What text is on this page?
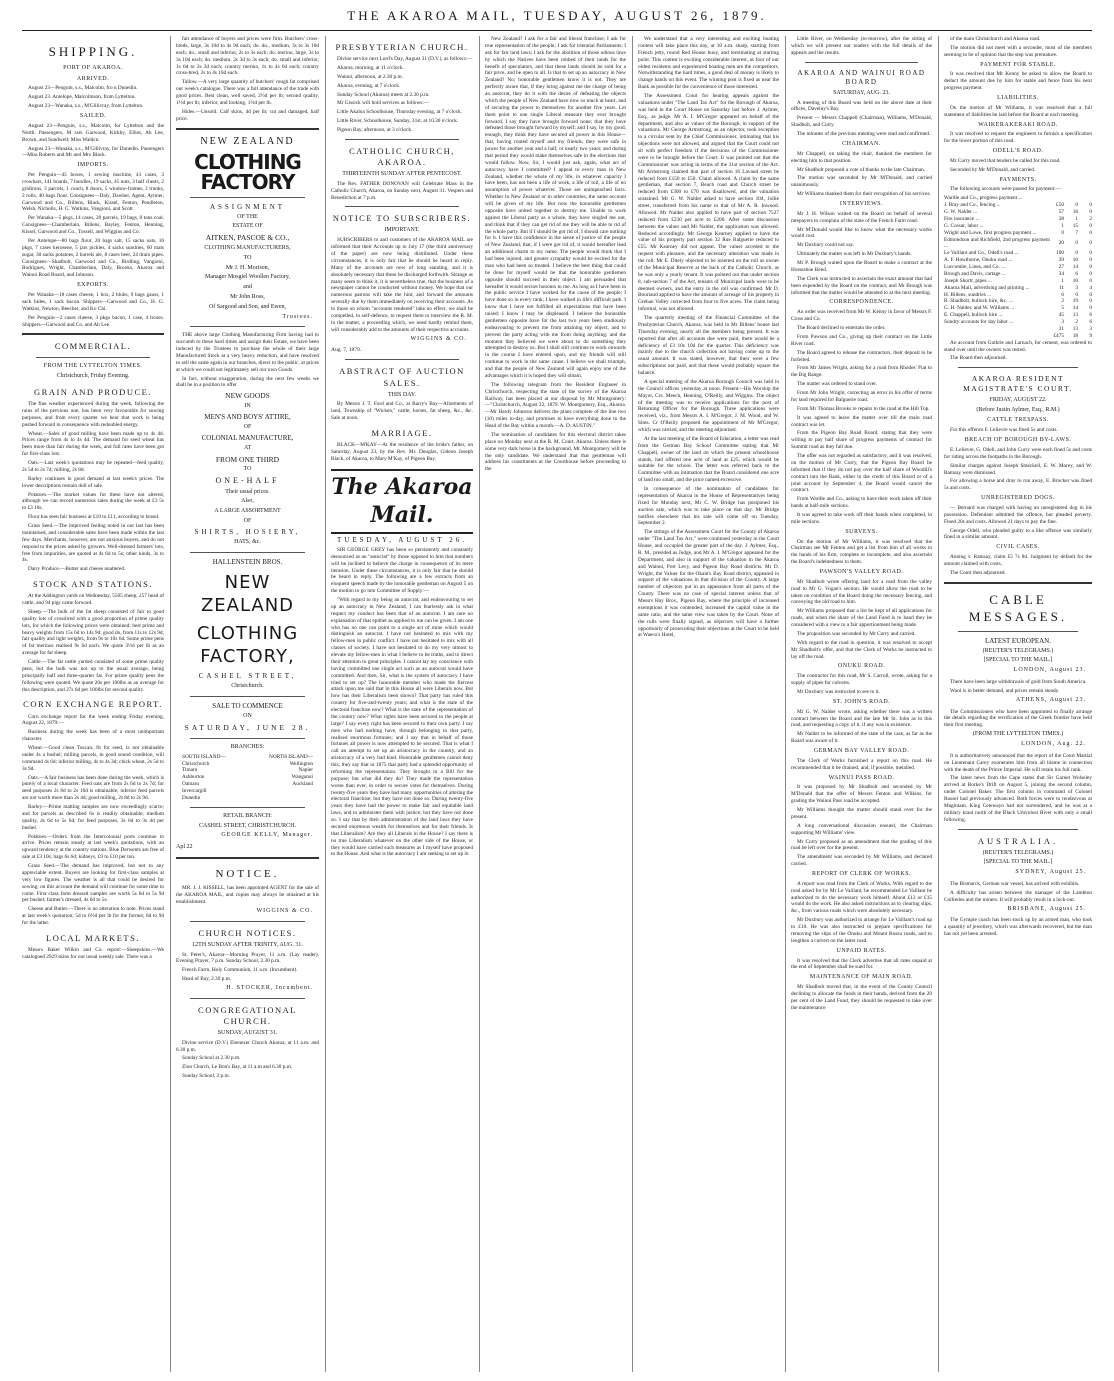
THE AKAROA MAIL, TUESDAY, AUGUST 26, 1879.
SHIPPING.
PORT OF AKAROA.
ARRIVED.

August 23—Penguin, s.s., Malcolm, fro n Dunedin.

August 23. Antelope, Malcolmson, from Lyttelton.

August 23—Wanaka, s.s., M'Gillivray, from Lyttelton.

SAILED.

August 23—Penguin, s.s., Malcolm, for Lyttelton and the North. Passengers, M ssrs Garwood, Kirkby, Elliot, Ah Lee, Brown, and Sundwell; Miss Waldcn.

August 23—Wanaka, s.s., M'Gillivray, for Dunedin. Passengers—Miss Roberts and Mr and Mrs Black.

IMPORTS.

Per Penguin—45 boxes, 1 sewing machine, 41 cases, 3 crowbars, 141 boards, 7 bundles, 19 sacks, 45 nuts, 3 half chests, 2 gridirons, 3 parcels, 1 coach, 8 doors, 5 window-frames, 2 trunks, 2 rolls, 40 bags flour. Consignees—Daly, Dawber, Agent, Aylmer, Garwood and Co., Billens, Black, Kissel, Fenton, Pendleton, Welsh, Nicholls, H. G. Watkins, Vangioni, and Scott.

Per Wanaka—5 pkgs, 14 cases, 20 parcels, 19 bags, 8 tons coal. Consignees—Chamberlain, Billens, Bayley, Fenton, Henning, Kissel, Garwood and Co., Tossell, and Wiggins and Co.

Per Antelope—80 bags flour, 20 bags salt, 15 sacks oats, 16 pkgs, 7 cases kerosene, 5 jars pickles, 4 sacks sundries, 60 mats sugar, 30 sacks potatoes, 2 barrels ale, 8 cases beer, 24 drain pipes. Consignees—Shadbolt, Garwood and Co., Birdling, Vangioni, Rodrigues, Wright, Chamberlain, Daly, Brooks, Akaroa and Wainui Road Board, and Johnson.

EXPORTS.

Per Wanaka—18 cases cheese, 1 box, 2 blubs, 9 bags gauss, 1 sack hides, 1 sack bacon. Shippers—Garwood and Co., H. G. Watkins, Newton, Beecher, and Ko Chi.

Per Penguin—2 cases cheese, 3 pkgs bacon, 1 case, 4 boxes. Shippers—Garwood and Co. and Ah Lee.

COMMERCIAL.
FROM THE LYTTELTON TIMES.
Christchurch, Friday Evening.
GRAIN AND PRODUCE.

The fine weather experienced during the week, following the rains of the previous one, has been very favourable for sowing purposes, and from every quarter we hear that work is being pushed forward in consequence with redoubled energy.

Wheat.—Sales of good milling have been made up to 4s 4d. Prices range from 4s to 4s 4d. The demand for seed wheat has been more than fair during the week, and full rates have been got for first-class lots.

Oats.—Last week's quotations may be repeated—feed quality, 2s 5d to 2s 7d; milling, 2s 8d.

Barley continues in good demand at last week's prices. The lower descriptions remain dull of sale.

Potatoes.—The market values for these have not altered, although we can record numerous sales during the week at £3 5s to £3 10s.

Flour has seen fair business at £10 to £11, according to brand.

Grass Seed.—The improved feeling noted in our last has been maintained, and considerable sales have been made within the last few days. Merchants, however, are not anxious buyers, and do not respond to the prices asked by growers. Well-dressed farmers' lots, free from impurities, are quoted at 4s 6d to 5s; other kinds, 3s to 4s.

Dairy Produce.—Butter and cheese unaltered.

STOCK AND STATIONS.

At the Addington yards on Wednesday, 5505 sheep, 257 head of cattle, and 94 pigs came forward.

Sheep.—The bulk of the fat sheep consisted of fair to good quality lots of crossbred with a good proportion of prime quality lots, for which the following prices were obtained: best prime and heavy weights from 15s 6d to 14s 9d; good do, from 11s to 12s 9d; fair quality and light weights, from 9s to 10s 6d. Some prime pens of fat merinos realised 9s 6d each. We quote 3½d per lb as an average for fat sheep.

Cattle.—The fat cattle yarded consisted of some prime quality pens, but the bulk was not up to the usual average, being principally half and three-quarter fat. For prime quality pens the following were quoted. We quote 20s per 100lbs as an average for this description, and 27s 6d per 100lbs for second quality.

CORN EXCHANGE REPORT.

Corn exchange report for the week ending Friday evening, August 22, 1879:—

Business during the week has been of a most unimportant character.

Wheat.—Good clean Tuscan, fit for seed, is not obtainable under 4s a bushel; milling parcels, in good sound condition, will command 4s 6d; inferior milling, 4s to 4s 3d; chick wheat, 2s 5d to 3s 9d.

Oats.—A fair business has been done during the week, which is purely of a local character. Feed oats are from 2s 6d to 2s 7d; for seed purposes 2s 8d to 2s 10d is obtainable; inferior feed parcels are not worth more than 2s 4d; good milling, 2s 8d to 2s 9d.

Barley.—Prime malting samples are now exceedingly scarce; and for parcels as described 6s is readily obtainable; medium quality, 4s 6d to 5s 6d; for feed purposes, 3s 6d to 3s 4d per bushel.

Potatoes.—Orders from the Intercolonial ports continue to arrive. Prices remain steady at last week's quotations, with an upward tendency at the country stations. Blue Derwents are free of sale at £3 10s; bags 6s 6d; kidneys, £9 to £10 per ton.

Grass Seed.—The demand has improved, but not to any appreciable extent. Buyers are looking for first-class samples at very low figures. The weather is all that could be desired for sowing; on this account the demand will continue for some time to come. First class farm dressed samples are worth 5s 6d to 5s 9d per bushel; farmer's dressed, 4s 6d to 5s.

Cheese and Butter.—There is no alteration to note. Prices stand at last week's quotation; 5d to 6½d per lb for the former, 8d to 9d for the latter.

LOCAL MARKETS.

Messrs Baker Wilkin and Co. report:—Sheepskins.—We catalogued 2929 skins for our usual weekly sale. There was a

fair attendance of buyers and prices were firm. Butchers' cross-breds, large, 3s 10d to 4s 9d each; do. do., medium, 3s to 3s 10d each; do., small and inferior, 2s to 3s each; do. merino, large, 3s to 3s 10d each; do. medium, 2s 3d to 3s each; do. small and inferior, 1s 6d to 2s 3d each; country merino, 1s to 4s 6d each; country cross-bred, 2s to 4s 10d each.

Tallow.—A very large quantity of butchers' rough fat comprised our week's catalogue. There was a full attendance of the trade with good prices. Best clean, well saved, 2½d per lb; second quality, 1½d per lb; inferior, and looking, 1½d per lb.

Hides.—Unsold. Calf skins, 4d per lb; cut and damaged, half price.

NEW ZEALAND
CLOTHING FACTORY
ASSIGNMENT
OF THE
ESTATE OF
AITKEN, PASCOE & CO.,
CLOTHING MANUFACTURERS,
TO
Mr J. H. Morison,
Manager Mosgiel Woollen Factory,
and
Mr John Ross,
Of Sargood and Son, and Ewen,
Trustees.

THE above large Clothing Manufacturing Firm having had to succumb to these hard times and assign their Estate, we have been induced by the Trustees to purchase the whole of their large Manufactured Stock at a very heavy reduction, and have resolved to sell the same again in our branches, direct to the public, at prices at which we could not legitimately sell our own Goods.

In fact, without exaggeration, during the next few weeks we shall be in a position to offer

NEW GOODS
IN
MEN'S AND BOYS' ATTIRE,
OF
COLONIAL MANUFACTURE,
AT
FROM ONE THIRD
TO
ONE-HALF
Their usual prices.
Also,
A LARGE ASSORTMENT
OF
SHIRTS, HOSIERY,
HATS, &c.
HALLENSTEIN BROS.
NEW ZEALAND
CLOTHING FACTORY,
CASHEL STREET,
Christchurch.
SALE TO COMMENCE
ON
SATURDAY, JUNE 28.
BRANCHES:
SOUTH ISLAND—
Christchurch
Timaru
Ashburton
Oamaru
Invercargill
Dunedin
NORTH ISLAND—
Wellington
Napier
Wanganui
Auckland
RETAIL BRANCH:
CASHEL STREET, CHRISTCHURCH.
GEORGE KELLY, Manager.
Apl 22
NOTICE.

MR. J. J. KISSELL, has been appointed AGENT for the sale of the AKAROA MAIL, and copies may always be obtained at his establishment.

WIGGINS & CO.
CHURCH NOTICES.
12TH SUNDAY AFTER TRINITY, AUG. 31.

St. Peter's, Akaroa—Morning Prayer, 11 a.m. (Lay reader). Evening Prayer, 7 p.m. Sunday School, 2.30 p.m.

French Farm, Holy Communion, 11 a.m. (Incumbent).

Head of Bay, 2.30 p.m.

H. STOCKER, Incumbent.
CONGREGATIONAL CHURCH.
SUNDAY, AUGUST 31.

Divine service (D.V.) Ebenezer Church Akaroa, at 11 a.m. and 6.30 p.m.

Sunday School at 2.30 p.m.

Zion Church, Le Bon's Bay, at 11 a.m and 6.30 p.m.

Sunday School, 2 p.m.

PRESBYTERIAN CHURCH.

Divine service next Lord's Day, August 31 (D.V.), as follows:—

Akaroa, morning, at 11 o'clock.

Wainui, afternoon, at 2.30 p.m.

Akaroa, evening, at 7 o'clock.

Sunday School (Akaroa) meets at 2.30 p.m.

Mr Gissick will hold services as follows:—

Little Akaloa Schoolhouse, Thursday evening, at 7 o'clock.

Little River, Schoolhouse, Sunday, 31st, at 10.30 o'clock.

Pigeon Bay, afternoon, at 3 o'clock.

CATHOLIC CHURCH, AKAROA.
THIRTEENTH SUNDAY AFTER PENTECOST.

The Rev. FATHER DONOVAN will Celebrate Mass in the Catholic Church, Akaroa, on Sunday next, August 31. Vespers and Benediction at 7 p.m.

NOTICE TO SUBSCRIBERS.
IMPORTANT.

SUBSCRIBERS to and customers of the AKAROA MAIL are informed that their Accounts up to July 17 (the third anniversary of the paper) are now being distributed. Under these circumstances, it is only fair that he should be heard in reply. Many of the accounts are now of long standing, and it is absolutely necessary that these be discharged forthwith. Strange as many seem to think it, it is nevertheless true, that the business of a newspaper cannot be conducted without money. We hope that our numerous patrons will take the hint, and forward the amounts severally due by them immediately on receiving their accounts. As to those on whom "accounts rendered" take no effect, we shall be compelled, in self-defence, to request them to interview the R. M. in the matter, a proceeding which, we need hardly remind them, will considerably add to the amounts of their respective accounts.

WIGGINS & CO.
Aug. 7, 1879.
ABSTRACT OF AUCTION SALES.
THIS DAY.

By Messrs J. T. Ford and Co., at Barry's Bay—Allotments of land, Township of "Wicken," cattle, horses, fat sheep, &c., &c. Sale at noon.

MARRIAGE.

BLACK—M'KAY—At the residence of the bride's father, on Saturday, August 23, by the Rev. Mr. Douglas, Gideon Joseph Black, of Akaroa, to Mary M'Kay, of Pigeon Bay.

The Akaroa Mail.
TUESDAY, AUGUST 26.

SIR GEORGE GREY has been so persistently and constantly denounced as an "autocrat" by those opposed to him that numbers will be inclined to believe the charge in consequence of its mere iteration. Under these circumstances, it is only fair that he should be heard in reply. The following are a few extracts from an eloquent speech made by the honorable gentleman on August 5 on the motion to go into Committee of Supply:—

"With regard to my being an autocrat, and endeavouring to set up an autocracy in New Zealand, I can fearlessly ask in what respect my conduct has been that of an autocrat. I am sure no explanation of that epithet as applied to me can be given. I am one who has no one can point to a single act of mine which would distinguish an autocrat. I have not hesitated to mix with my fellow-men in public conflict. I have not hesitated to mix with all classes of society. I have not hesitated to do my very utmost to elevate my fellow-men in what I believe to be truths, and to direct their attention to great principles. I cannot lay my conscience with having committed one single act such as an autocrat would have committed. And then, Sir, what is the system of autocracy I have tried to set up? The honorable member who made the fiercest attack upon me said that in this House all were Liberals now. But how has their Liberalism been shown? That party has ruled this country for five-and-twenty years; and what is the state of the electoral franchise now? What is the state of the representation of the country now? What rights have been secured to the people at large? I say every right has been secured to their own party. I say men who had nothing have, through belonging to that party, realised enormous fortunes; and I say that in behalf of those fortunes all power is now attempted to be secured. That is what I call an attempt to set up an aristocracy in the country, and an aristocracy of a very bad kind. Honorable gentlemen cannot deny this; they say that in 1875 that party had a splendid opportunity of reforming the representation. They brought in a Bill for the purpose; but what did they do? They made the representation worse than ever, in order to secure votes for themselves. During twenty-five years they have had many opportunities of altering the electoral franchise; but they have not done so. During twenty-five years they have had the power to make fair and equitable land laws, and to administer them with justice; but they have not done so. I say that by their administration of the land laws they have secured enormous wealth for themselves and for their friends. Is that Liberalism? Are they all Liberals in the House? I say there is no true Liberalism whatever on the other side of the House, or they would have carried such measures as I myself have proposed to the House. And what is the autocracy I am seeking to set up in

New Zealand? I ask for a fair and liberal franchise; I ask for true representation of the people; I ask for triennial Parliaments; I ask for fair land laws; I ask for the abolition of those odious laws by which the Natives have been robbed of their lands for the benefit of speculators, and that these lands should be sold for a fair price, and be open to all. Is that to set up an autocracy in New Zealand? No; honorable gentlemen know it is not. They are perfectly aware that, if they bring against me the charge of being an autocrat, they do it with the desire of defeating the objects which the people of New Zealand have now so much at heart, and of securing the power to themselves for another five years. Let them point to one single Liberal measure they ever brought forward. I say they have brought forward none; that they have defeated those brought forward by myself; and I say, by my good, enough, they think they have secured all power in this House—that, having routed myself and my friends, they were safe in power for another year and a half, or nearly two years; and during that period they would make themselves safe in the elections that would follow. Now, Sir, I would just ask, again, what act of autocracy have I committed? I appeal to every man in New Zealand, whether the whole of my life, in whatever capacity I have been, has not been a life of work, a life of toil, a life of no assumption of power whatever. Those are unimpeached facts. Whether in New Zealand or in other countries, the same account will be given of my life. But now the honorable gentlemen opposite have united together to destroy me. Unable to work against the Liberal party as a whole, they have singled me out, and think that if they can get rid of me they will be able to rid of the whole party. But if I should be got rid of, I should care nothing for it. I have this confidence in the sense of justice of the people of New Zealand, that, if I were got rid of, it would hereafter lead an additional charm to my name. The people would think that I had been injured, and greater sympathy would be excited for the man who had been so treated. I believe the best thing that could be done for myself would be that the honorable gentlemen opposite should succeed in their object. I am persuaded that hereafter it would secure honours to me. As long as I have been in the public service I have worked for the cause of the people; I have done so in every rank; I have walked in life's difficult path. I know that I have not fulfilled all expectations that have been raised; I know I may be displeased. I believe the honorable gentlemen opposite have for the last two years been studiously endeavouring to prevent me from attaining my object, and to prevent the party acting with me from doing anything; and the moment they believed we were about to do something they attempted to destroy us. But I shall still continue to work onwards in the course I have entered upon, and my friends will still continue to work in the same cause. I believe we shall triumph, and that the people of New Zealand will again enjoy one of the advantages which it is hoped they will obtain.

The following telegram from the Resident Engineer in Christchurch, respecting the state of the survey of the Akaroa Railway, has been placed at our disposal by Mr Montgomery:—"Christchurch, August 22, 1879. W. Montgomery, Esq., Akaroa.—Mr Hardy Johnston delivers the plans complete of the line two (10) miles to-day, and promises to have everything done to the Head of the Bay within a month.—A. D. AUSTIN."

The nomination of candidates for this electoral district takes place on Monday next at the R. M. Court, Akaroa. Unless there is some very dark horse in the background, Mr. Montgomery will be the only candidate. We understand that that gentleman will address his constituents at the Courthouse before proceeding to the

We understand that a very interesting and exciting boating contest will take place this day, at 10 a.m. sharp, starting from French jetty, round Red House buoy, and terminating at starting point. This contest is exciting considerable interest, as four of our oldest residents and experienced boating men are the competitors. Notwithstanding the hard times, a good deal of money is likely to change hands on this event. The winning post is fixed as near the Bank as possible for the convenience of those interested.

The Assessment Court for hearing appeals against the valuations under "The Land Tax Act" for the Borough of Akaroa, was held in the Court House on Saturday last before J. Aylmer, Esq., as judge. Mr A. I. M'Gregor appeared on behalf of the department, and also as valuer of the Borough, in support of the valuations. Mr George Armstrong, as an objector, took exception to a circular sent by the Chief Commissioner, intimating that his objections were not allowed, and argued that the Court could not sit with perfect freedom if the decisions of the Commissioner were to be brought before the Court. It was pointed out that the Commissioner was acting in terms of the 31st section of the Act. Mr Armstrong claimed that part of section 16 Lavaud street be reduced from £150 to £50. Claim allowed. A claim by the same gentleman, that section 7, Beach road and Church street be reduced from £300 to £70 was disallowed, and the valuation sustained. Mr G. W. Nalder asked to have section 104, Jollie street, transferred from his name to that of Mr A. R. Inwood. Allowed. Mr Nalder also applied to have part of section 7527 reduced from £230 per acre to £200. After some discussion between the valuer and Mr Nalder, the application was allowed. Reduced accordingly. Mr George Kearney applied to have the value of his property part section 32 Rue Balguerie reduced to £55. Mr Kearney did not appear. The valuer acceded to the request with pleasure, and the necessary alteration was made in the roll. Mr E. Ditely objected to be inserted on the roll as owner of the Municipal Reserve at the back of the Catholic Church, as he was only a yearly tenant. It was pointed out that under section 8, sub-section 7 of the Act, tenants of Municipal lands were to be deemed owners, and the entry in the roll was confirmed. Mr D. Bouriaud applied to have the amount of acreage of his property in Grehan Valley corrected from four to five acres. The claim being informal, was not allowed.

The quarterly meeting of the Financial Committee of the Presbyterian Church, Akaroa, was held in Mr Billens' house last Thursday evening, nearly all the members being present. It was reported that after all accounts due were paid, there would be a deficiency of £3 10s 10d for the quarter. This deficiency was mainly due to the church collection not having come up to the usual amount. It was stated, however, that their were a few subscriptions not paid, and that these would probably square the balance.

A special meeting of the Akaroa Borough Council was held in the Council offices yesterday at noon. Present—His Worship the Mayor, Crs. Meech, Henning, O'Reilly, and Wiggins. The object of the meeting was to receive applications for the post of Returning Officer for the Borough. Three applications were received, viz., from Messrs A. I. M'Gregor, J. M. Wood, and W. Sims. Cr O'Reilly proposed the appointment of Mr M'Gregor, which was carried, and the meeting adjourned.

At the last meeting of the Board of Education, a letter was read from the German Bay School Committee stating that Mr Chappell, owner of the land on which the present schoolhouse stands, had offered one acre of land at £25, which would be suitable for the school. The letter was referred back to the Committee with an intimation that the Board considered one acre of land too small, and the price named excessive.

In consequence of the nomination of candidates for representation of Akaroa in the House of Representatives being fixed for Monday next, Mr C. W. Bridge has postponed his auction sale, which was to take place on that day. Mr Bridge notifies elsewhere that his sale will come off on Tuesday, September 2.

The sittings of the Assessment Court for the County of Akaroa under "The Land Tax Act," were continued yesterday in the Court House, and occupied the greater part of the day. J. Aylmer, Esq., R. M., presided as Judge, and Mr A. I. M'Gregor appeared for the Department, and also in support of the valuation in the Akaroa and Wainui, Port Levy, and Pigeon Bay Road districts. Mr D. Wright, the Valuer for the Okain's Bay Road district, appeared in support of the valuations in that division of the County. A large number of objectors put in an appearance from all parts of the County. There was no case of special interest unless that of Messrs Hay Bros., Pigeon Bay, where the principle of increased exemptions it was contended, increased the capital value in the same ratio, and the same view was taken by the Court. None of the rolls were finally signed, as objectors will have a further opportunity of prosecuting their objections at the Court to be held at Waeco's Hotel,

Little River, on Wednesday (to-morrow), after the sitting of which we will present our readers with the full details of the appeals and the results.

AKAROA AND WAINUI ROAD BOARD
SATURDAY, AUG. 23.

A meeting of this Board was held on the above date at their offices, Daveluy's Bay.

Present — Messrs Chappell (Chairman), Williams, M'Donald, Shadbolt, and Curry.

The minutes of the previous meeting were read and confirmed.

CHAIRMAN.

Mr Chappell, on taking the chair, thanked the members for electing him to that position.

Mr Shadbolt proposed a vote of thanks to the late Chairman.

The motion was seconded by Mr M'Donald, and carried unanimously.

Mr Williams thanked them for their recognition of his services.

INTERVIEWS.

Mr J. H. Wilson waited on the Board on behalf of several ratepayers to complain of the state of the French Farm road.

Mr M'Donald would like to know what the necessary works would cost.

Mr Duxbury could not say.

Ultimately the matter was left in Mr Duxbury's hands.

Mr P. Brough waited upon the Board to make a contract at the Horseshoe Bend.

The Clerk was instructed to ascertain the exact amount that had been expended by the Board on the contract, and Mr Brough was informed that the matter would be attended to at the next meeting.

CORRESPONDENCE.

An order was received from Mr W. Kenny in favor of Messrs F. Cross and Co.

The Board declined to entertain the order.

From Pawson and Co., giving up their contract on the Little River road.

The Board agreed to release the contractors, their deposit to be forfeited.

From Mr James Wright, asking for a road from Rhodes' Flat to the Big Range.

The matter was ordered to stand over.

From Mr John Wright, correcting an error in his offer of terms for land required for Balguerie road.

From Mr Thomas Brooks re repairs to the road at the Hill Top.

It was agreed to leave the matter over till the main road contract was let.

From the Pigeon Bay Road Board, stating that they were willing to pay half share of progress payments of contract for Summit road as they fall due.

The offer was not regarded as satisfactory, and it was resolved, on the motion of Mr Curry, that the Pigeon Bay Board be informed that if they do not pay over the half share of Woodill's contract into the Bank, either to the credit of this Board or of a joint account by September 4, the Board would cancel the contract.

From Wardle and Co., asking to have their work taken off their hands at half-mile sections.

It was agreed to take work off their hands when completed, in mile sections.

SURVEYS.

On the motion of Mr Williams, it was resolved that the Chairman see Mr Fenton and get a list from him of all works in the hands of his firm, complete or incomplete, and also ascertain the Board's indebtedness to them.

PAWSON'S VALLEY ROAD.

Mr Shadbolt wrote offering land for a road from the valley road to Mr G. Vogan's section. He would allow the road to be taken on condition of the Board doing the necessary fencing, and conveying the old road to him.

Mr Williams proposed that a list be kept of all applications for roads, and when the share of the Land Fund is to hand they be considered with a view to a fair apportionment being made.

The proposition was seconded by Mr Curry and carried.

With regard to the road in question, it was resolved to accept Mr Shadbolt's offer, and that the Clerk of Works be instructed to lay off the road.

ONUKU ROAD.

The contractor for this road, Mr S. Carroll, wrote, asking for a supply of pipes for culverts.

Mr Duxbury was instructed to see to it.

ST. JOHN'S ROAD.

Mr G. W. Nalder wrote, asking whether there was a written contract between the Board and the late Mr St. John as to this road, and requesting a copy of it, if any was in existence.

Mr Nalder to be informed of the state of the case, as far as the Board was aware of it.

GERMAN BAY VALLEY ROAD.

The Clerk of Works furnished a report on this road. He recommended that it be drained, and, if possible, metalled.

WAINUI PASS ROAD.

It was proposed by Mr Shadbolt and seconded by Mr M'Donald that the offer of Messrs Fenton and Wilkins, for grading the Wainui Pass road be accepted.

Mr Williams thought the matter should stand over for the present.

A long conversational discussion ensued, the Chairman supporting Mr Williams' view.

Mr Curry proposed as an amendment that the grading of this road be left over for the present.

The amendment was seconded by Mr Williams, and declared carried.

REPORT OF CLERK OF WORKS.

A report was read from the Clerk of Works. With regard to the road asked for by Mr Le Vaillant, he recommended Le Vaillant be authorized to do the necessary work himself. About £12 or £15 would do the work. He also asked instructions as to clearing slips, &c., from various roads which were absolutely necessary.

Mr Duxbury was authorized to arrange for Le Vaillant's road up to £10. He was also instructed to prepare specifications for removing the slips of the Onuku and Mount Bossu roads, and to lengthen a culvert on the latter road.

UNPAID RATES.

It was resolved that the Clerk advertise that all rates unpaid at the end of September shall be sued for.

MAINTENANCE OF MAIN ROAD.

Mr Shadbolt moved that, in the event of the County Council declining to allocate the funds in their hands, derived from the 20 per cent of the Land Fund, they should be requested to take over the maintenance

of the main Christchurch and Akaroa road.

The motion did not meet with a seconder, most of the members seeming to be of opinion that the step was premature.

PAYMENT FOR STABLE.

It was resolved that Mr Kenny be asked to allow the Board to deduct the amount due by him for stable and fence from his next progress payment.

LIABILITIES.

On the motion of Mr Williams, it was resolved that a full statement of liabilities be laid before the Board at each meeting.

WAIKERAKERAKI ROAD.

It was resolved to request the engineers to furnish a specification for the lower portion of this road.

ODELL'S ROAD.

Mr Curry moved that tenders be called for this road.

Seconded by Mr M'Donald, and carried.

PAYMENTS.

The following accounts were passed for payment:—

Wardle and Co., progress payment ...			
J. Bray and Co., fencing ...	£50	0	0
G. W. Nalder ...	57	18	0
Fire insurance ...	38	1	2
G. Cossar, labor ...	1	15	0
Wright and Lowe, first progress payment ...	0	7	0
Edmondson and Richfield, 2nd progress payment ...	20	0	0
Le Vaillant and Co., Odell's road ...	100	0	0
A. F. Hawthorne, Onuku road ...	39	10	0
Luccombe, Lines, and Co. ...	27	14	0
Brough and Davis, cartage ...	34	6	0
Joseph Shortt, pipes ...	1	10	0
Akaroa Mail, advertising and printing ...	11	3	4
H. Billens, sundries ...	6	0	0
B. Shadbolt, bullock hire, &c. ...	2	19	0
G. H. Nalder, and W. Williams ...	5	14	0
E. Chappell, bullock hire ...	45	13	6
Sundry accounts for day labor ...	3	2	6
	31	13	3
	£475	18	9

An account from Guthrie and Larnach, for cement, was ordered to stand over until the owners was tested.

The Board then adjourned.

AKAROA RESIDENT MAGISTRATE'S COURT.
FRIDAY, AUGUST 22.
(Before Justin Aylmer, Esq., R.M.)
CATTLE TRESPASS.

For this offence F. Lelievre was fined 5s and costs.

BREACH OF BOROUGH BY-LAWS.

E. Lelievre, G. Odell, and John Curry were each fined 5s and costs for riding across the footpaths in the Borough.

Similar charges against Joseph Smeckell, E. W. Morey, and W. Ramsay were dismissed.

For allowing a horse and dray to run away, E. Brocker was fined 5s and costs.

UNREGISTERED DOGS.

— Bernard was charged with having an unregistered dog in his possession. Defendant admitted the offence, but pleaded poverty. Fined 20s and costs. Allowed 21 days to pay the fine.

George Odell, who pleaded guilty to a like offence was similarly fined in a similar amount.

CIVIL CASES.

Anning v. Ramsay, claim £5 7s 8d. Judgment by default for the amount claimed with costs.

The Court then adjourned.

CABLE MESSAGES.
LATEST EUROPEAN.
(REUTER'S TELEGRAMS.)
[SPECIAL TO THE MAIL.]
LONDON, August 23.

There have been large withdrawals of gold from South America.

Wool is in better demand, and prices remain steady.

ATHENS, August 23.

The Commissioners who have been appointed to finally arrange the details regarding the rectification of the Greek frontier have held their first meeting.

(FROM THE LYTTELTON TIMES.)
LONDON, Aug. 22.

It is authoritatively announced that the report of the Court Martial on Lieutenant Carey exonerates him from all blame in connection with the death of the Prince Imperial. He will retain his full rank.

The latest news from the Cape states that Sir Garnet Wolseley arrived at Rorke's Drift on August 5, joining the second column, under Colonel Baker. The first column in command of Colonel Russel had previously advanced. Both forces were to rendezvous at Magintam. King Cetewayo had not surrendered, and he was at a military kraal north of the Black Umvolosi River with only a small following.

AUSTRALIA.
(REUTER'S TELEGRAMS.)
[SPECIAL TO THE MAIL.]
SYDNEY, August 25.

The Bismarck, German war vessel, has arrived with exhibits.

A difficulty has arisen between the manager of the Lambton Collieries and the miners. It will probably result in a lock-out.

BRISBANE, August 25.

The Gympie coach has been stuck up by an armed man, who took a quantity of jewellery, which was afterwards recovered, but the man has not yet been arrested.
